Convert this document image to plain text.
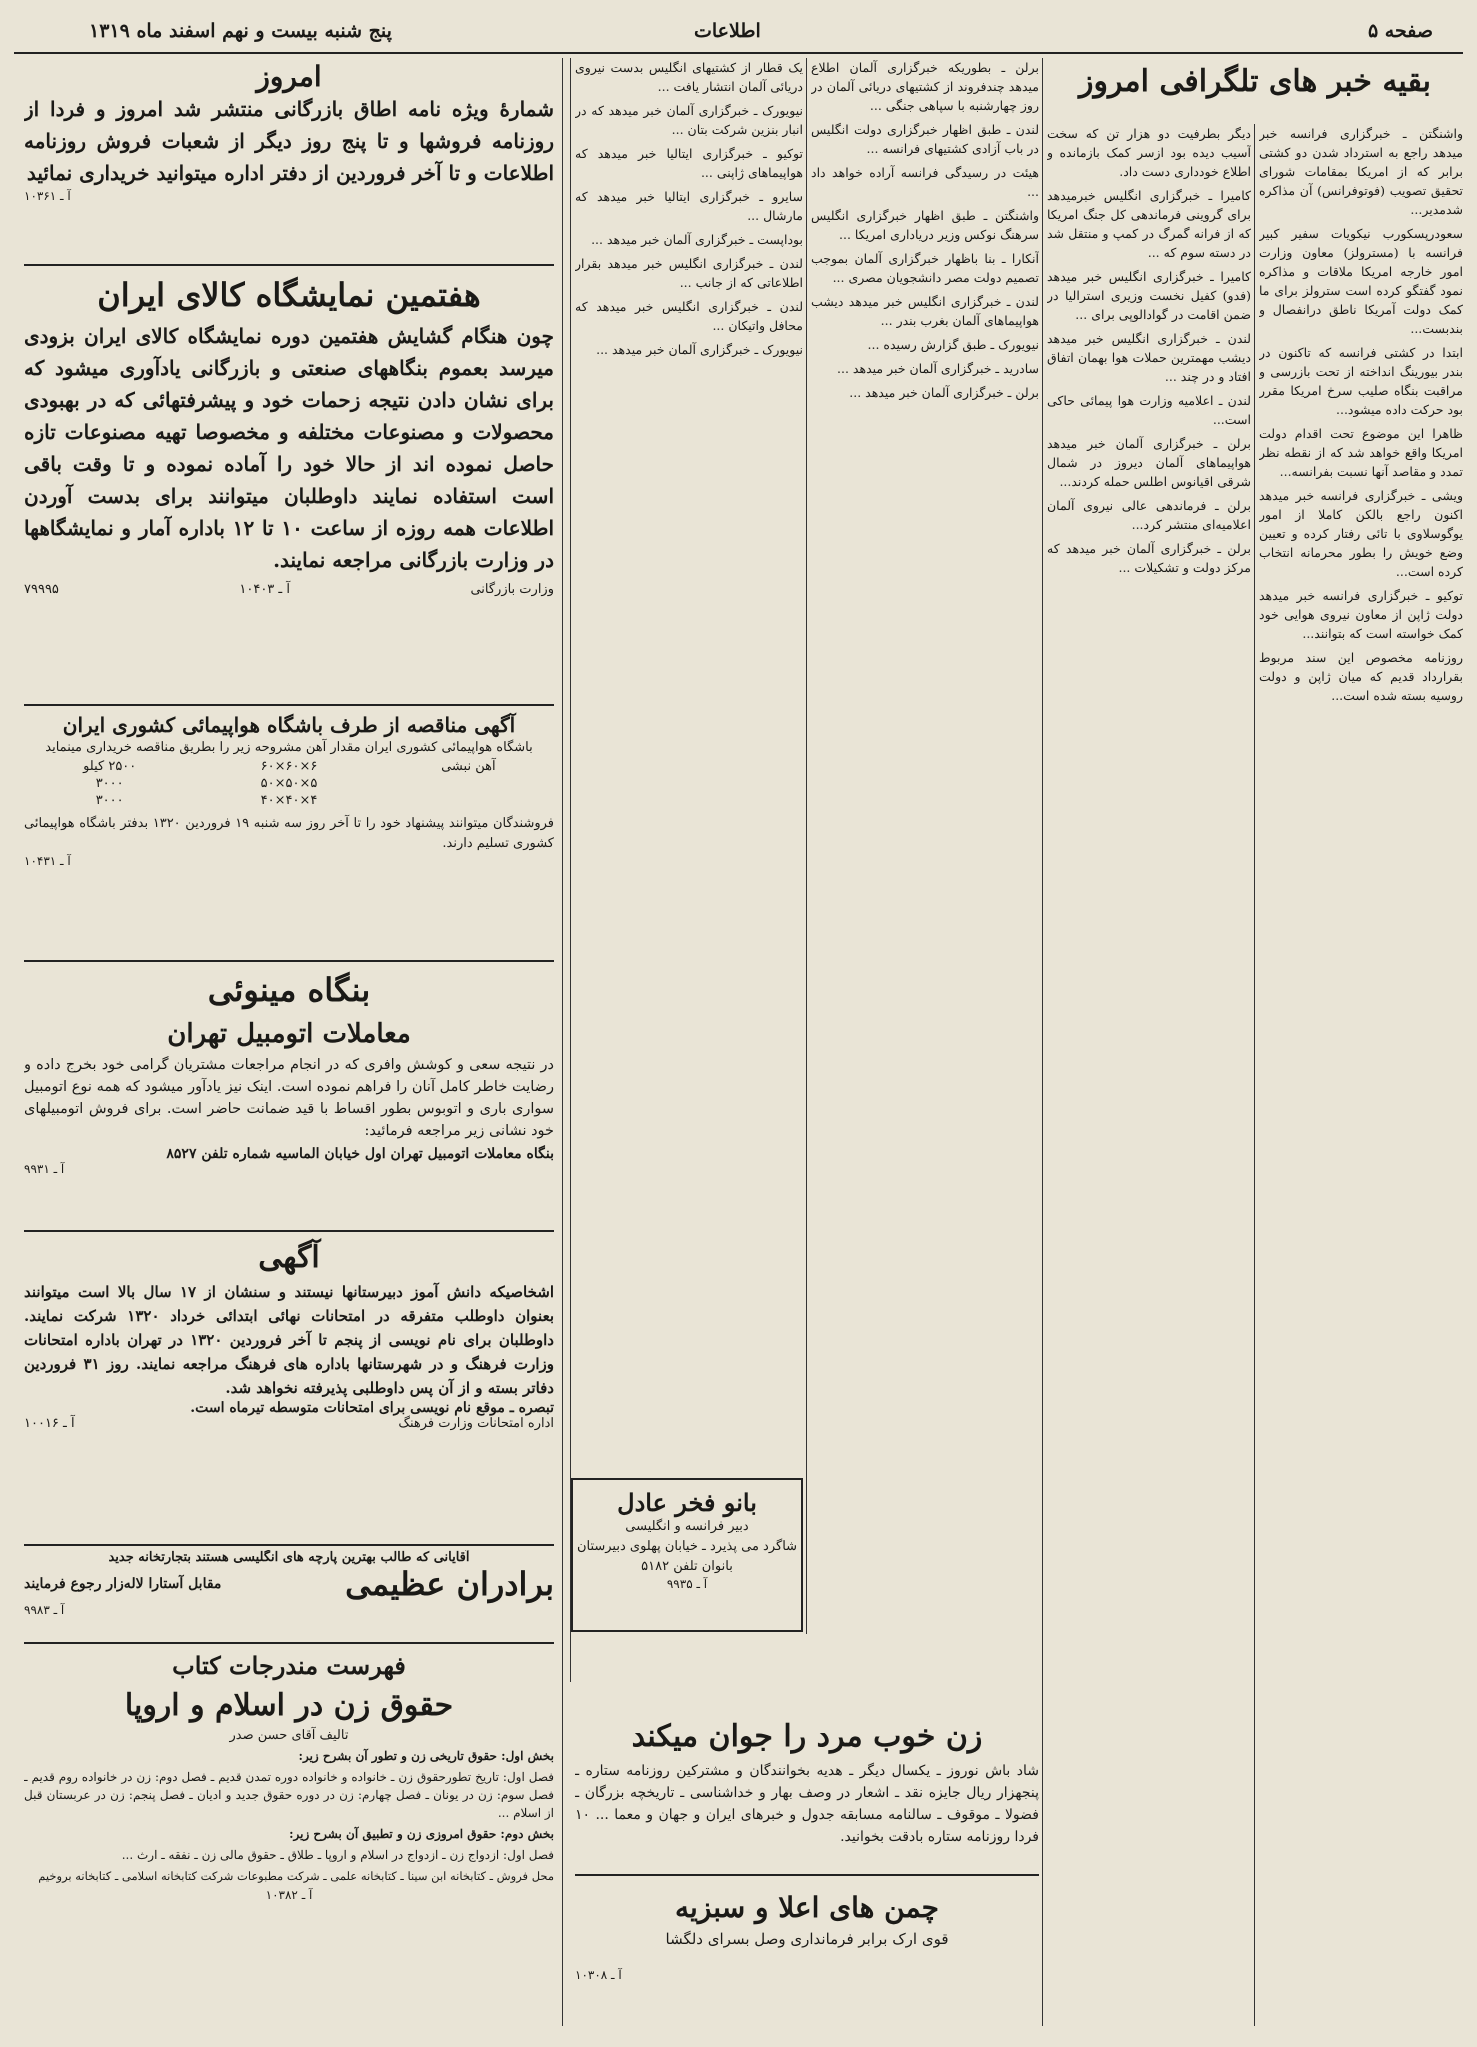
پنج شنبه بیست و نهم اسفند ماه ۱۳۱۹	اطلاعات	صفحه ۵
بقیه خبر های تلگرافی امروز

واشنگتن ـ خبرگزاری فرانسه خبر میدهد راجع به استرداد شدن دو کشتی برابر که از امریکا بمقامات شورای تحقیق تصویب (فوتوفرانس) آن مذاکره شدمدیر...

سعودرپسکورب نیکویات سفیر کبیر فرانسه با (مسترولز) معاون وزارت امور خارجه امریکا ملاقات و مذاکره نمود گفتگو کرده است سترولز برای ما کمک دولت آمریکا ناطق درانفصال و بندبست...

ابتدا در کشتی فرانسه که تاکنون در بندر بیورینگ انداخته از تحت بازرسی و مراقبت بنگاه صلیب سرخ امریکا مقرر بود حرکت داده میشود...

ظاهرا این موضوع تحت اقدام دولت امریکا واقع خواهد شد که از نقطه نظر تمدد و مقاصد آنها نسبت بفرانسه...

ویشی ـ خبرگزاری فرانسه خبر میدهد اکنون راجع بالکن کاملا از امور یوگوسلاوی با تائی رفتار کرده و تعیین وضع خویش را بطور محرمانه انتخاب کرده است...

توکیو ـ خبرگزاری فرانسه خبر میدهد دولت ژاپن از معاون نیروی هوایی خود کمک خواسته است که بتوانند...

روزنامه مخصوص این سند مربوط بقرارداد قدیم که میان ژاپن و دولت روسیه بسته شده است...

دیگر بطرفیت دو هزار تن که سخت آسیب دیده بود ازسر کمک بازمانده و اطلاع خودداری دست داد.

کامیرا ـ خبرگزاری انگلیس خبرمیدهد برای گروینی فرماندهی کل جنگ امریکا که از فرانه گمرگ در کمپ و منتقل شد در دسته سوم که ...

کامیرا ـ خبرگزاری انگلیس خبر میدهد (فدو) کفیل نخست وزیری استرالیا در ضمن اقامت در گوادالوپی برای ...

لندن ـ خبرگزاری انگلیس خبر میدهد دیشب مهمترین حملات هوا بهمان اتفاق افتاد و در چند ...

لندن ـ اعلامیه وزارت هوا پیمائی حاکی است...

برلن ـ خبرگزاری آلمان خبر میدهد هواپیماهای آلمان دیروز در شمال شرقی اقیانوس اطلس حمله کردند...

برلن ـ فرماندهی عالی نیروی آلمان اعلامیه‌ای منتشر کرد...

برلن ـ خبرگزاری آلمان خبر میدهد که مرکز دولت و تشکیلات ...

برلن ـ بطوریکه خبرگزاری آلمان اطلاع میدهد چندفروند از کشتیهای دریائی آلمان در روز چهارشنبه با سپاهی جنگی ...

لندن ـ طبق اظهار خبرگزاری دولت انگلیس در باب آزادی کشتیهای فرانسه ...

هیئت در رسیدگی فرانسه آراده خواهد داد ...

واشنگتن ـ طبق اظهار خبرگزاری انگلیس سرهنگ نوکس وزیر دریاداری امریکا ...

آنکارا ـ بنا باظهار خبرگزاری آلمان بموجب تصمیم دولت مصر دانشجویان مصری ...

لندن ـ خبرگزاری انگلیس خبر میدهد دیشب هواپیماهای آلمان بغرب بندر ...

نیویورک ـ طبق گزارش رسیده ...

سادرید ـ خبرگزاری آلمان خبر میدهد ...

برلن ـ خبرگزاری آلمان خبر میدهد ...

یک قطار از کشتیهای انگلیس بدست نیروی دریائی آلمان انتشار یافت ...

نیویورک ـ خبرگزاری آلمان خبر میدهد که در انبار بنزین شرکت بتان ...

توکیو ـ خبرگزاری ایتالیا خبر میدهد که هواپیماهای ژاپنی ...

سایرو ـ خبرگزاری ایتالیا خبر میدهد که مارشال ...

بوداپست ـ خبرگزاری آلمان خبر میدهد ...

لندن ـ خبرگزاری انگلیس خبر میدهد بقرار اطلاعاتی که از جانب ...

لندن ـ خبرگزاری انگلیس خبر میدهد که محافل واتیکان ...

نیویورک ـ خبرگزاری آلمان خبر میدهد ...

بانو فخر عادل
دبیر فرانسه و انگلیسی
شاگرد می پذیرد ـ خیابان پهلوی دبیرستان بانوان تلفن ۵۱۸۲
آ ـ ۹۹۳۵
زن خوب مرد را جوان میکند
شاد باش نوروز ـ یکسال دیگر ـ هدیه بخوانندگان و مشترکین روزنامه ستاره ـ پنجهزار ریال جایزه نقد ـ اشعار در وصف بهار و خداشناسی ـ تاریخچه بزرگان ـ فضولا ـ موقوف ـ سالنامه مسابقه جدول و خبرهای ایران و جهان و معما ... ۱۰ فردا روزنامه ستاره بادقت بخوانید.
چمن های اعلا و سبزیه
قوی ارک برابر فرمانداری وصل بسرای دلگشا
آ ـ ۱۰۳۰۸
امروز
شمارهٔ ویژه نامه اطاق بازرگانی منتشر شد امروز و فردا از روزنامه فروشها و تا پنج روز دیگر از شعبات فروش روزنامه اطلاعات و تا آخر فروردین از دفتر اداره میتوانید خریداری نمائید
آ ـ ۱۰۳۶۱
هفتمین نمایشگاه کالای ایران
چون هنگام گشایش هفتمین دوره نمایشگاه کالای ایران بزودی میرسد بعموم بنگاههای صنعتی و بازرگانی یادآوری میشود که برای نشان دادن نتیجه زحمات خود و پیشرفتهائی که در بهبودی محصولات و مصنوعات مختلفه و مخصوصا تهیه مصنوعات تازه حاصل نموده اند از حالا خود را آماده نموده و تا وقت باقی است استفاده نمایند داوطلبان میتوانند برای بدست آوردن اطلاعات همه روزه از ساعت ۱۰ تا ۱۲ باداره آمار و نمایشگاهها در وزارت بازرگانی مراجعه نمایند.
وزارت بازرگانی
آ ـ ۱۰۴۰۳
۷۹۹۹۵
آگهی مناقصه از طرف باشگاه هواپیمائی کشوری ایران
باشگاه هواپیمائی کشوری ایران مقدار آهن مشروحه زیر را بطریق مناقصه خریداری مینماید
آهن نبشی
۶×۶۰×۶۰
۲۵۰۰ کیلو
۵×۵۰×۵۰
۳۰۰۰
۴×۴۰×۴۰
۳۰۰۰
فروشندگان میتوانند پیشنهاد خود را تا آخر روز سه شنبه ۱۹ فروردین ۱۳۲۰ بدفتر باشگاه هواپیمائی کشوری تسلیم دارند.
آ ـ ۱۰۴۳۱
بنگاه مینوئی
معاملات اتومبیل تهران
در نتیجه سعی و کوشش وافری که در انجام مراجعات مشتریان گرامی خود بخرج داده و رضایت خاطر کامل آنان را فراهم نموده است. اینک نیز یادآور میشود که همه نوع اتومبیل سواری باری و اتوبوس بطور اقساط با قید ضمانت حاضر است. برای فروش اتومبیلهای خود نشانی زیر مراجعه فرمائید:
بنگاه معاملات اتومبیل تهران اول خیابان الماسیه شماره تلفن ۸۵۲۷
آ ـ ۹۹۳۱
آگهی
اشخاصیکه دانش آموز دبیرستانها نیستند و سنشان از ۱۷ سال بالا است میتوانند بعنوان داوطلب متفرقه در امتحانات نهائی ابتدائی خرداد ۱۳۲۰ شرکت نمایند. داوطلبان برای نام نویسی از پنجم تا آخر فروردین ۱۳۲۰ در تهران باداره امتحانات وزارت فرهنگ و در شهرستانها باداره های فرهنگ مراجعه نمایند. روز ۳۱ فروردین دفاتر بسته و از آن پس داوطلبی پذیرفته نخواهد شد.
تبصره ـ موقع نام نویسی برای امتحانات متوسطه تیرماه است.
اداره امتحانات وزارت فرهنگ
آ ـ ۱۰۰۱۶
آقایانی که طالب بهترین پارچه های انگلیسی هستند بتجارتخانه جدید
برادران عظیمی
مقابل آستارا لاله‌زار رجوع فرمایند
آ ـ ۹۹۸۳
فهرست مندرجات کتاب
حقوق زن در اسلام و اروپا
تالیف آقای حسن صدر
بخش اول: حقوق تاریخی زن و تطور آن بشرح زیر:
فصل اول: تاریخ تطورحقوق زن ـ خانواده و خانواده دوره تمدن قدیم ـ فصل دوم: زن در خانواده روم قدیم ـ فصل سوم: زن در یونان ـ فصل چهارم: زن در دوره حقوق جدید و ادیان ـ فصل پنجم: زن در عربستان قبل از اسلام ...
بخش دوم: حقوق امروزی زن و تطبیق آن بشرح زیر:
فصل اول: ازدواج زن ـ ازدواج در اسلام و اروپا ـ طلاق ـ حقوق مالی زن ـ نفقه ـ ارث ...
محل فروش ـ کتابخانه ابن سینا ـ کتابخانه علمی ـ شرکت مطبوعات شرکت کتابخانه اسلامی ـ کتابخانه بروخیم
آ ـ ۱۰۳۸۲
